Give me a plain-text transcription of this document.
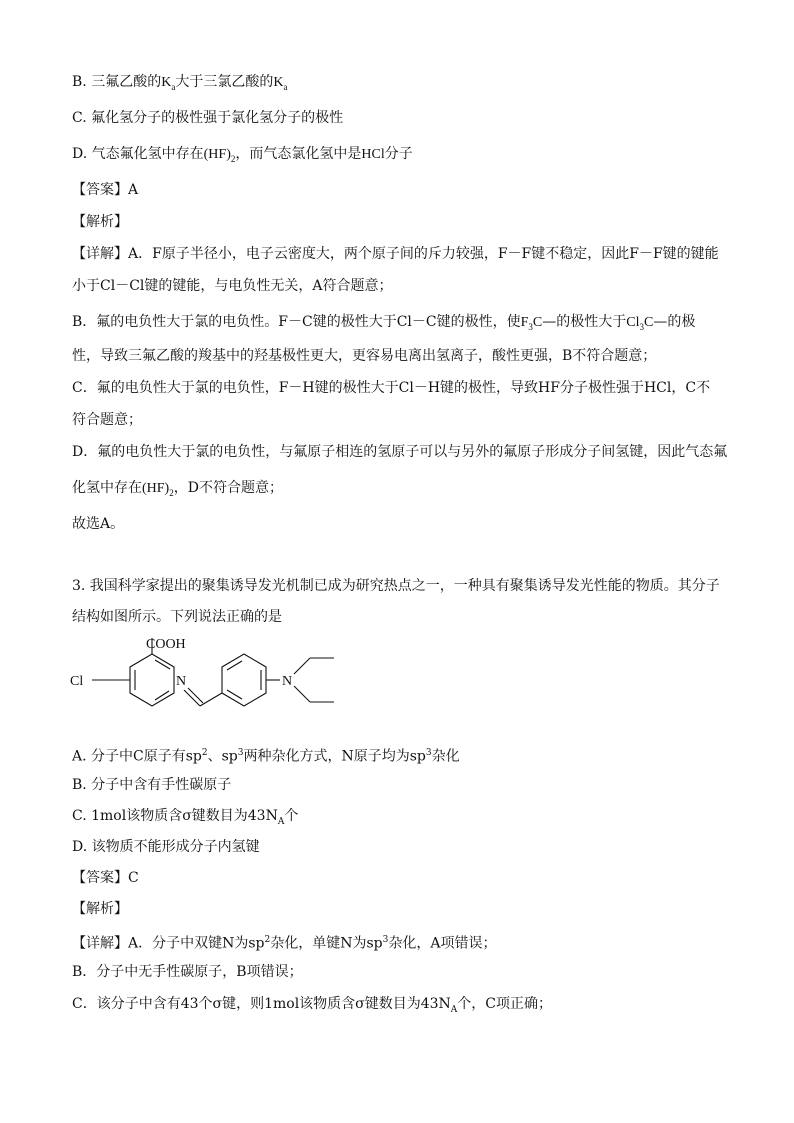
B. 三氟乙酸的$K_a$大于三氯乙酸的$K_a$
C. 氟化氢分子的极性强于氯化氢分子的极性
D. 气态氟化氢中存在$(HF)_2$，而气态氯化氢中是HCl分子
【答案】A
【解析】
【详解】A．F原子半径小，电子云密度大，两个原子间的斥力较强，F－F键不稳定，因此F－F键的键能
小于Cl－Cl键的键能，与电负性无关，A符合题意；
B．氟的电负性大于氯的电负性。F－C键的极性大于Cl－C键的极性，使$F_3C—$的极性大于$Cl_3C—$的极
性，导致三氟乙酸的羧基中的羟基极性更大，更容易电离出氢离子，酸性更强，B不符合题意；
C．氟的电负性大于氯的电负性，F－H键的极性大于Cl－H键的极性，导致HF分子极性强于HCl，C不
符合题意；
D．氟的电负性大于氯的电负性，与氟原子相连的氢原子可以与另外的氟原子形成分子间氢键，因此气态氟
化氢中存在$(HF)_2$，D不符合题意；
故选A。
3. 我国科学家提出的聚集诱导发光机制已成为研究热点之一，一种具有聚集诱导发光性能的物质。其分子
结构如图所示。下列说法正确的是
COOH
Cl	N	N
A. 分子中C原子有$sp^2$、$sp^3$两种杂化方式，N原子均为$sp^3$杂化
B. 分子中含有手性碳原子
C. 1mol该物质含σ键数目为$43N_A$个
D. 该物质不能形成分子内氢键
【答案】C
【解析】
【详解】A．分子中双键N为$sp^2$杂化，单键N为$sp^3$杂化，A项错误；
B．分子中无手性碳原子，B项错误；
C．该分子中含有43个σ键，则1mol该物质含σ键数目为$43N_A$个，C项正确；
